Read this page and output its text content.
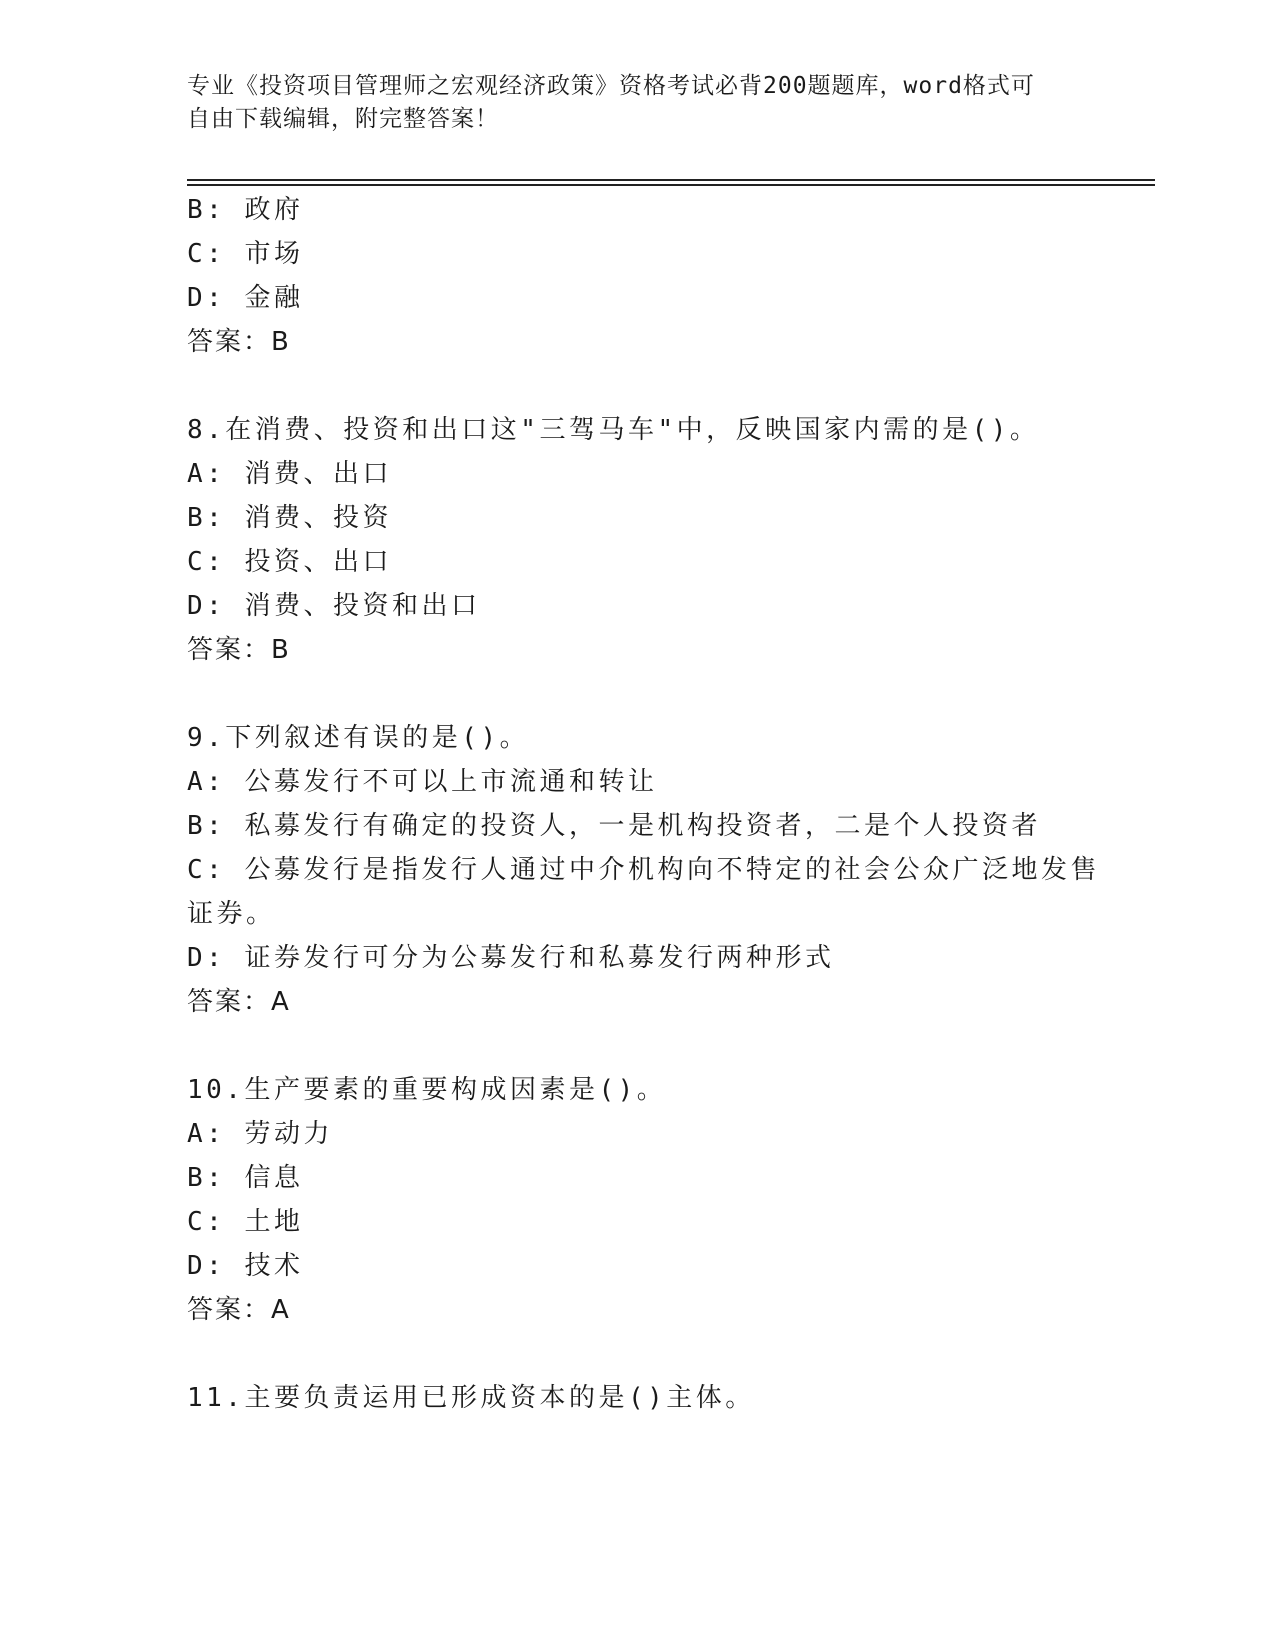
专业《投资项目管理师之宏观经济政策》资格考试必背200题题库，word格式可
自由下载编辑，附完整答案！
B: 政府
C: 市场
D: 金融
答案：B
8.在消费、投资和出口这"三驾马车"中，反映国家内需的是()。
A: 消费、出口
B: 消费、投资
C: 投资、出口
D: 消费、投资和出口
答案：B
9.下列叙述有误的是()。
A: 公募发行不可以上市流通和转让
B: 私募发行有确定的投资人，一是机构投资者，二是个人投资者
C: 公募发行是指发行人通过中介机构向不特定的社会公众广泛地发售
证券。
D: 证券发行可分为公募发行和私募发行两种形式
答案：A
10.生产要素的重要构成因素是()。
A: 劳动力
B: 信息
C: 土地
D: 技术
答案：A
11.主要负责运用已形成资本的是()主体。
